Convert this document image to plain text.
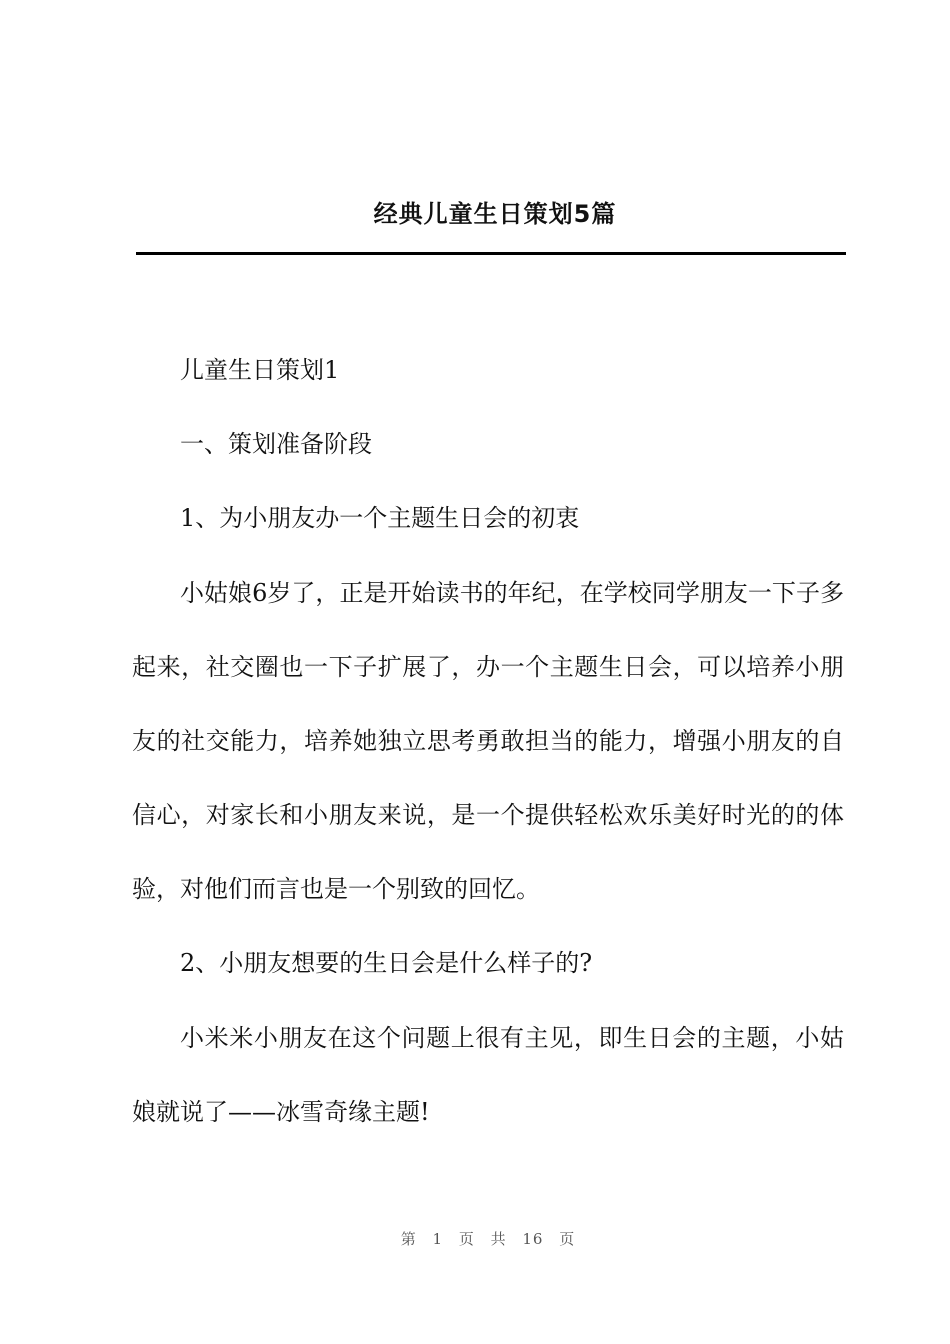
经典儿童生日策划5篇

儿童生日策划1

一、策划准备阶段

1、为小朋友办一个主题生日会的初衷

小姑娘6岁了，正是开始读书的年纪，在学校同学朋友一下子多起来，社交圈也一下子扩展了，办一个主题生日会，可以培养小朋友的社交能力，培养她独立思考勇敢担当的能力，增强小朋友的自信心，对家长和小朋友来说，是一个提供轻松欢乐美好时光的的体验，对他们而言也是一个别致的回忆。

2、小朋友想要的生日会是什么样子的?

小米米小朋友在这个问题上很有主见，即生日会的主题，小姑娘就说了——冰雪奇缘主题!

第 1 页 共 16 页
